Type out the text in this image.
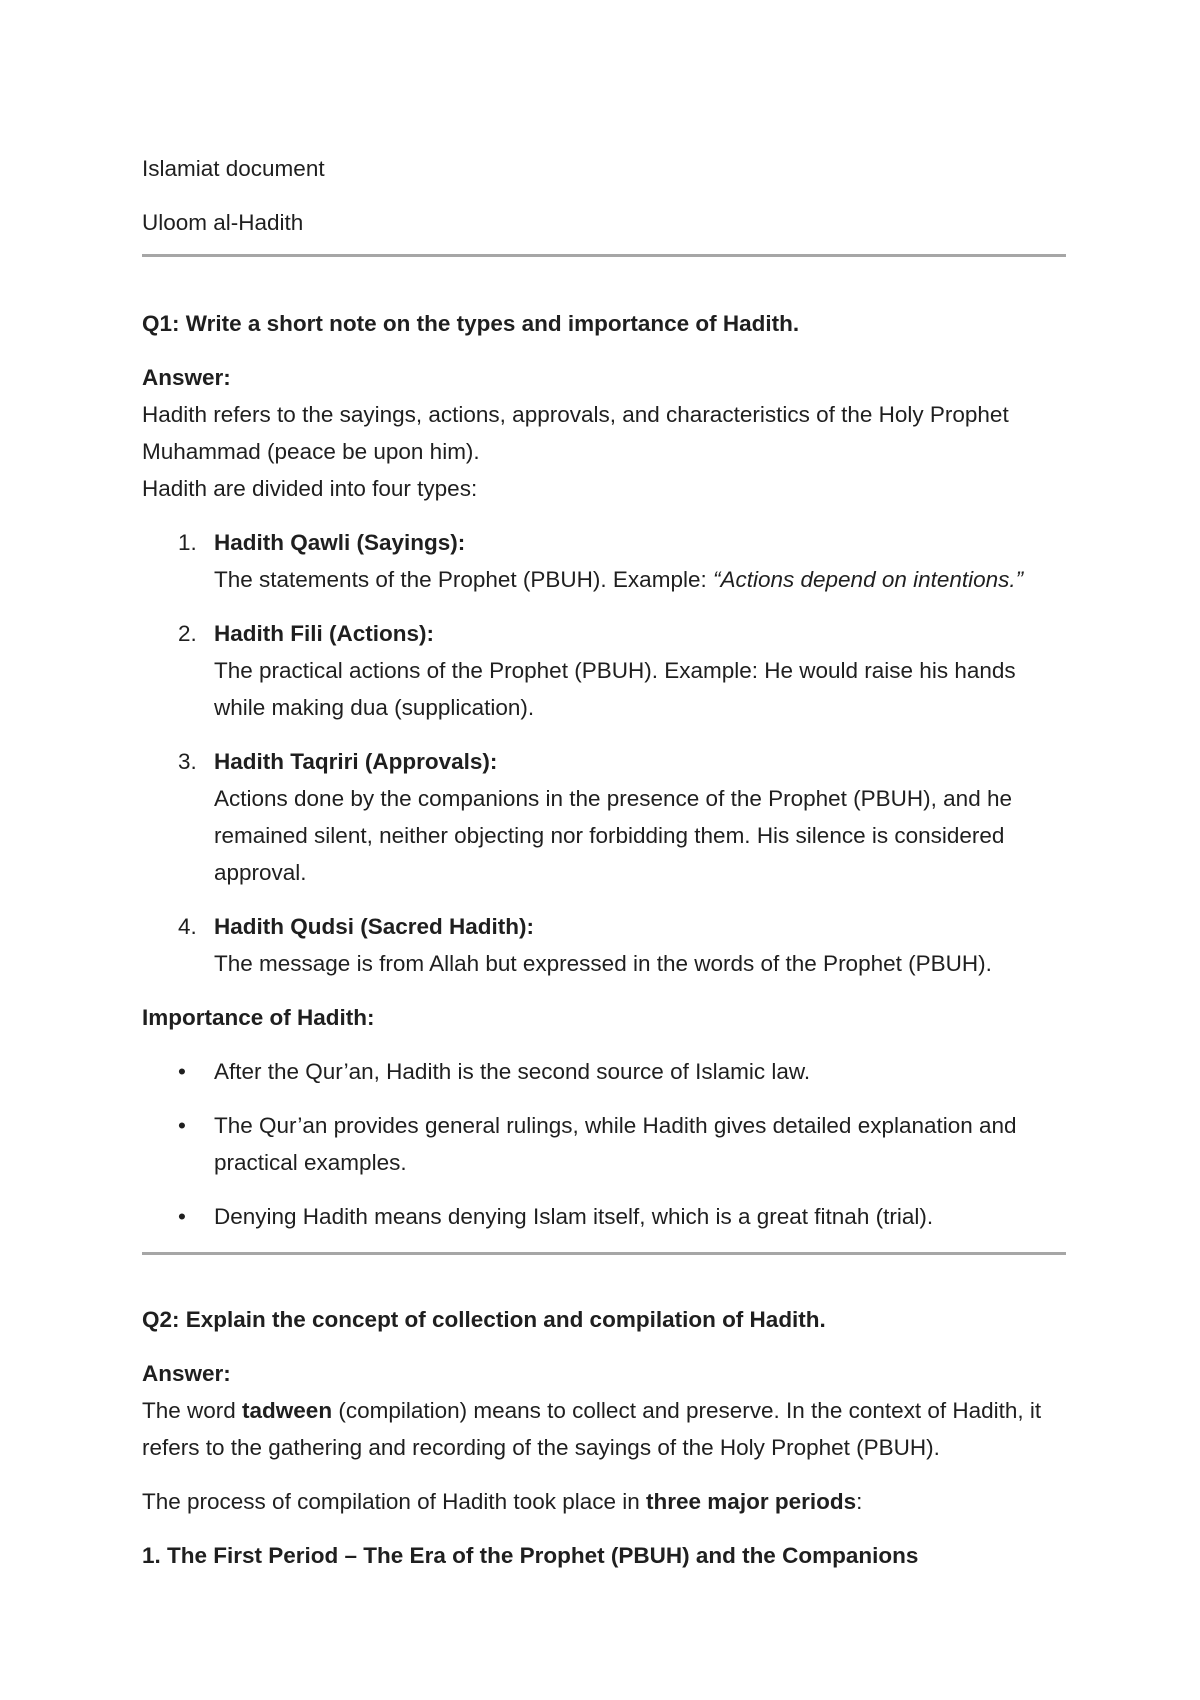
Islamiat document

Uloom al-Hadith

Q1: Write a short note on the types and importance of Hadith.

Answer:

Hadith refers to the sayings, actions, approvals, and characteristics of the Holy Prophet Muhammad (peace be upon him).

Hadith are divided into four types:

1. Hadith Qawli (Sayings):
The statements of the Prophet (PBUH). Example: “Actions depend on intentions.”
2. Hadith Fili (Actions):
The practical actions of the Prophet (PBUH). Example: He would raise his hands while making dua (supplication).
3. Hadith Taqriri (Approvals):
Actions done by the companions in the presence of the Prophet (PBUH), and he remained silent, neither objecting nor forbidding them. His silence is considered approval.
4. Hadith Qudsi (Sacred Hadith):
The message is from Allah but expressed in the words of the Prophet (PBUH).

Importance of Hadith:

• After the Qur’an, Hadith is the second source of Islamic law.
• The Qur’an provides general rulings, while Hadith gives detailed explanation and practical examples.
• Denying Hadith means denying Islam itself, which is a great fitnah (trial).

Q2: Explain the concept of collection and compilation of Hadith.

Answer:

The word tadween (compilation) means to collect and preserve. In the context of Hadith, it refers to the gathering and recording of the sayings of the Holy Prophet (PBUH).

The process of compilation of Hadith took place in three major periods:

1. The First Period – The Era of the Prophet (PBUH) and the Companions
